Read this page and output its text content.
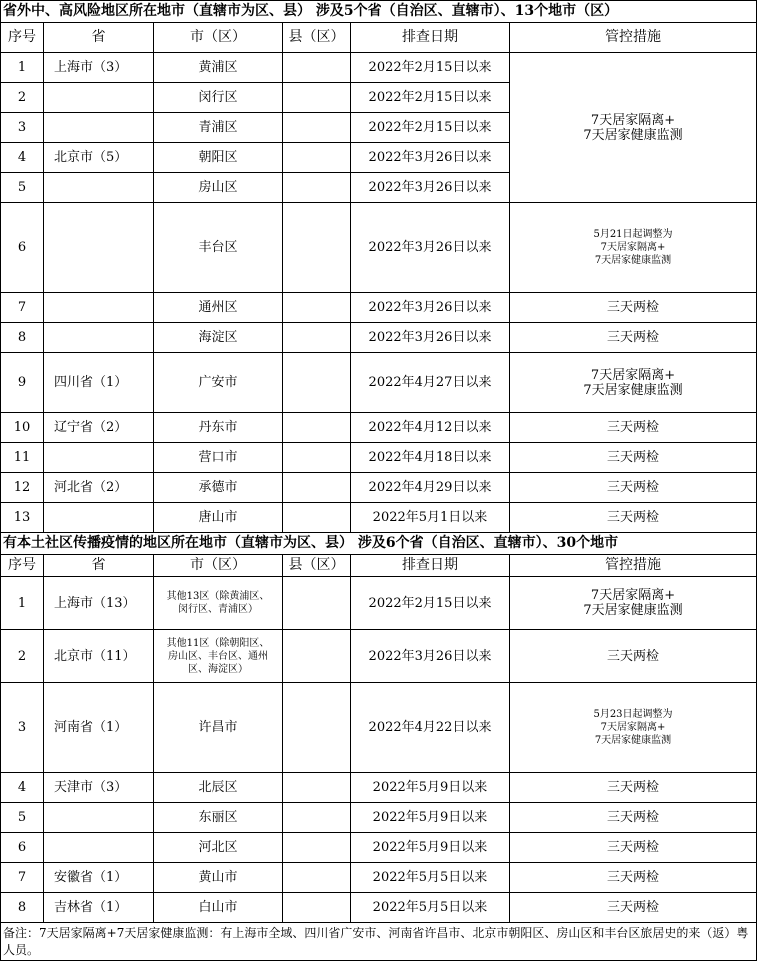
省外中、高风险地区所在地市（直辖市为区、县） 涉及5个省（自治区、直辖市）、13个地市（区）					
序号	省	市（区）	县（区）	排查日期	管控措施
1	上海市（3）	黄浦区		2022年2月15日以来	7天居家隔离+
7天居家健康监测
2		闵行区		2022年2月15日以来	
3		青浦区		2022年2月15日以来	
4	北京市（5）	朝阳区		2022年3月26日以来	
5		房山区		2022年3月26日以来	
6		丰台区		2022年3月26日以来	5月21日起调整为
7天居家隔离+
7天居家健康监测
7		通州区		2022年3月26日以来	三天两检
8		海淀区		2022年3月26日以来	三天两检
9	四川省（1）	广安市		2022年4月27日以来	7天居家隔离+
7天居家健康监测
10	辽宁省（2）	丹东市		2022年4月12日以来	三天两检
11		营口市		2022年4月18日以来	三天两检
12	河北省（2）	承德市		2022年4月29日以来	三天两检
13		唐山市		2022年5月1日以来	三天两检
有本土社区传播疫情的地区所在地市（直辖市为区、县） 涉及6个省（自治区、直辖市）、30个地市					
序号	省	市（区）	县（区）	排查日期	管控措施
1	上海市（13）	其他13区（除黄浦区、
闵行区、青浦区）		2022年2月15日以来	7天居家隔离+
7天居家健康监测
2	北京市（11）	其他11区（除朝阳区、
房山区、丰台区、通州
区、海淀区）		2022年3月26日以来	三天两检
3	河南省（1）	许昌市		2022年4月22日以来	5月23日起调整为
7天居家隔离+
7天居家健康监测
4	天津市（3）	北辰区		2022年5月9日以来	三天两检
5		东丽区		2022年5月9日以来	三天两检
6		河北区		2022年5月9日以来	三天两检
7	安徽省（1）	黄山市		2022年5月5日以来	三天两检
8	吉林省（1）	白山市		2022年5月5日以来	三天两检
备注：7天居家隔离+7天居家健康监测：有上海市全域、四川省广安市、河南省许昌市、北京市朝阳区、房山区和丰台区旅居史的来（返）粤人员。					
